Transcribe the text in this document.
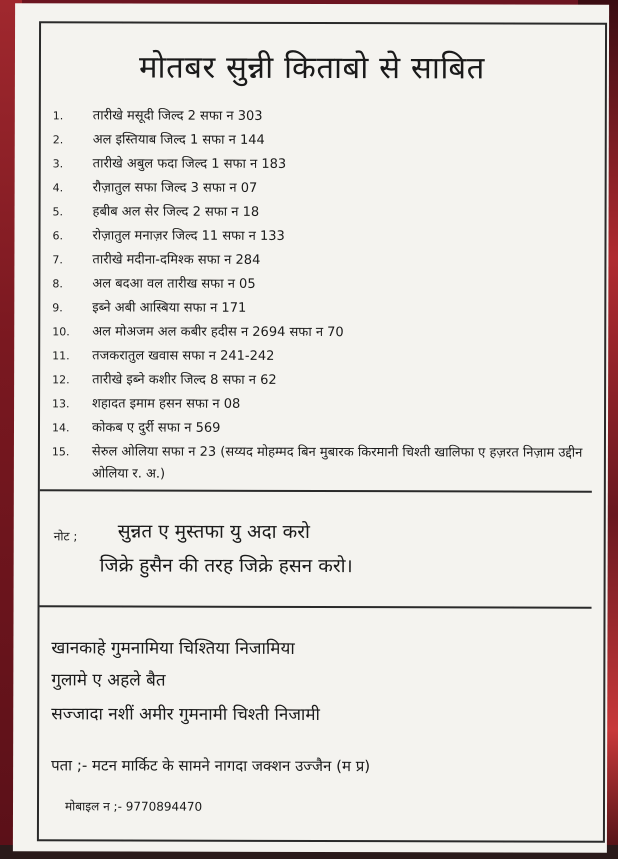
मोतबर सुन्नी किताबो से साबित
1.	तारीखे मसूदी जिल्द 2 सफा न 303
2.	अल इस्तियाब जिल्द 1 सफा न 144
3.	तारीखे अबुल फदा जिल्द 1 सफा न 183
4.	रौज़ातुल सफा जिल्द 3 सफा न 07
5.	हबीब अल सेर जिल्द 2 सफा न 18
6.	रोज़ातुल मनाज़र जिल्द 11 सफा न 133
7.	तारीखे मदीना-दमिश्क सफा न 284
8.	अल बदआ वल तारीख सफा न 05
9.	इब्ने अबी आस्बिया सफा न 171
10.	अल मोअजम अल कबीर हदीस न 2694 सफा न 70
11.	तजकरातुल खवास सफा न 241-242
12.	तारीखे इब्ने कशीर जिल्द 8 सफा न 62
13.	शहादत इमाम हसन सफा न 08
14.	कोकब ए दुर्री सफा न 569
15.	सेरुल ओलिया सफा न 23 (सय्यद मोहम्मद बिन मुबारक किरमानी चिश्ती खालिफा ए हज़रत निज़ाम उद्दीन ओलिया र. अ.)
नोट ; सुन्नत ए मुस्तफा यु अदा करो
जिक्रे हुसैन की तरह जिक्रे हसन करो।
खानकाहे गुमनामिया चिश्तिया निजामिया
गुलामे ए अहले बैत
सज्जादा नशीं अमीर गुमनामी चिश्ती निजामी
पता ;- मटन मार्किट के सामने नागदा जक्शन उज्जैन (म प्र)
मोबाइल न ;- 9770894470
